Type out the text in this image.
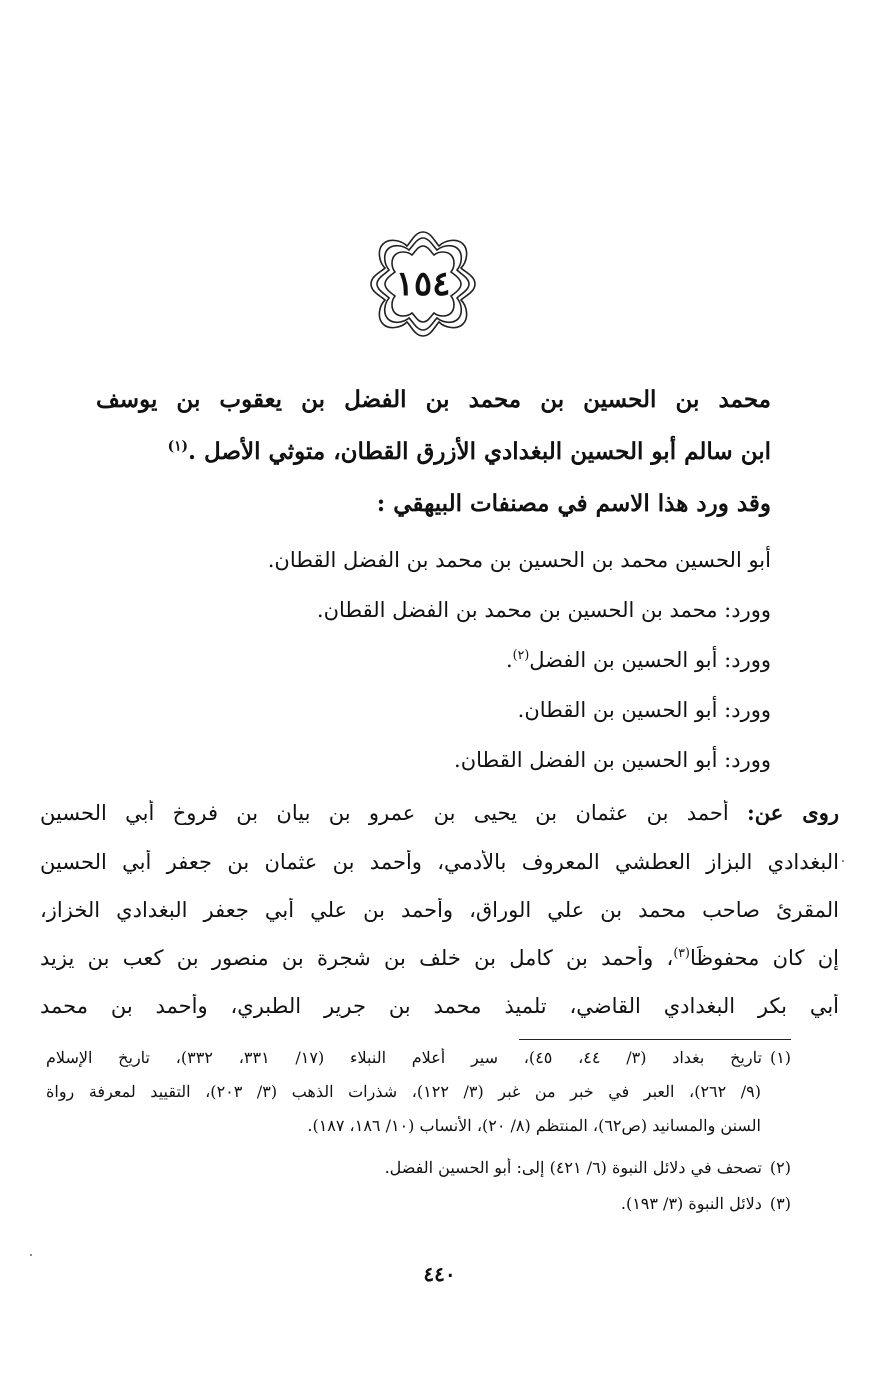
١٥٤
محمد بن الحسين بن محمد بن الفضل بن يعقوب بن يوسف
ابن سالم أبو الحسين البغدادي الأزرق القطان، متوثي الأصل .$^{(١)}$
وقد ورد هذا الاسم في مصنفات البيهقي :
أبو الحسين محمد بن الحسين بن محمد بن الفضل القطان.
وورد: محمد بن الحسين بن محمد بن الفضل القطان.
وورد: أبو الحسين بن الفضل$^{(٢)}$.
وورد: أبو الحسين بن القطان.
وورد: أبو الحسين بن الفضل القطان.
روى عن: أحمد بن عثمان بن يحيى بن عمرو بن بيان بن فروخ أبي الحسين
البغدادي البزاز العطشي المعروف بالأدمي، وأحمد بن عثمان بن جعفر أبي الحسين
المقرئ صاحب محمد بن علي الوراق، وأحمد بن علي أبي جعفر البغدادي الخزاز،
إن كان محفوظًا$^{(٣)}$، وأحمد بن كامل بن خلف بن شجرة بن منصور بن كعب بن يزيد
أبي بكر البغدادي القاضي، تلميذ محمد بن جرير الطبري، وأحمد بن محمد
(١)تاريخ بغداد (٣/ ٤٤، ٤٥)، سير أعلام النبلاء (١٧/ ٣٣١، ٣٣٢)، تاريخ الإسلام
(٩/ ٢٦٢)، العبر في خبر من غبر (٣/ ١٢٢)، شذرات الذهب (٣/ ٢٠٣)، التقييد لمعرفة رواة
السنن والمسانيد (ص٦٢)، المنتظم (٨/ ٢٠)، الأنساب (١٠/ ١٨٦، ١٨٧).
(٢)تصحف في دلائل النبوة (٦/ ٤٢١) إلى: أبو الحسين الفضل.
(٣)دلائل النبوة (٣/ ١٩٣).
٤٤٠
